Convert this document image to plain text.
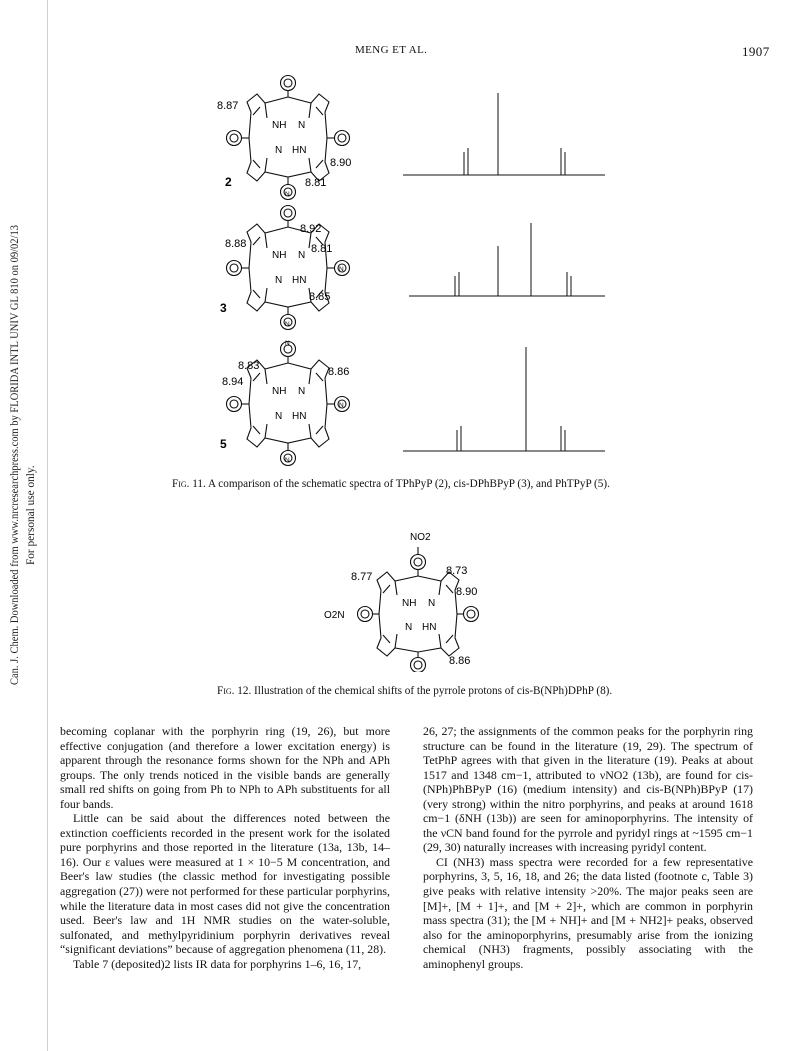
Can. J. Chem. Downloaded from www.nrcresearchpress.com by FLORIDA INTL UNIV GL 810 on 09/02/13 For personal use only.
MENG ET AL.	1907
NH N
N HN
N
8.87
8.90
8.81
2
NH N
N HN
N
N
8.92
8.88	8.81
8.85
3
NH N
N HN
N
N
N
8.83
8.94
8.86
5
Fig. 11. A comparison of the schematic spectra of TPhPyP (2), cis-DPhBPyP (3), and PhTPyP (5).
NO2
O2N
NH N
N HN
8.77	8.73
8.90
8.86
Fig. 12. Illustration of the chemical shifts of the pyrrole protons of cis-B(NPh)DPhP (8).

becoming coplanar with the porphyrin ring (19, 26), but more effective conjugation (and therefore a lower excitation energy) is apparent through the resonance forms shown for the NPh and APh groups. The only trends noticed in the visible bands are generally small red shifts on going from Ph to NPh to APh substituents for all four bands.

Little can be said about the differences noted between the extinction coefficients recorded in the present work for the isolated pure porphyrins and those reported in the literature (13a, 13b, 14–16). Our ε values were measured at 1 × 10−5 M concentration, and Beer's law studies (the classic method for investigating possible aggregation (27)) were not performed for these particular porphyrins, while the literature data in most cases did not give the concentration used. Beer's law and 1H NMR studies on the water-soluble, sulfonated, and methylpyridinium porphyrin derivatives reveal “significant deviations” because of aggregation phenomena (11, 28).

Table 7 (deposited)2 lists IR data for porphyrins 1–6, 16, 17,

26, 27; the assignments of the common peaks for the porphyrin ring structure can be found in the literature (19, 29). The spectrum of TetPhP agrees with that given in the literature (19). Peaks at about 1517 and 1348 cm−1, attributed to νNO2 (13b), are found for cis-(NPh)PhBPyP (16) (medium intensity) and cis-B(NPh)BPyP (17) (very strong) within the nitro porphyrins, and peaks at around 1618 cm−1 (δNH (13b)) are seen for aminoporphyrins. The intensity of the νCN band found for the pyrrole and pyridyl rings at ~1595 cm−1 (29, 30) naturally increases with increasing pyridyl content.

CI (NH3) mass spectra were recorded for a few representative porphyrins, 3, 5, 16, 18, and 26; the data listed (footnote c, Table 3) give peaks with relative intensity >20%. The major peaks seen are [M]+, [M + 1]+, and [M + 2]+, which are common in porphyrin mass spectra (31); the [M + NH]+ and [M + NH2]+ peaks, observed also for the aminoporphyrins, presumably arise from the ionizing chemical (NH3) fragments, possibly associating with the aminophenyl groups.
